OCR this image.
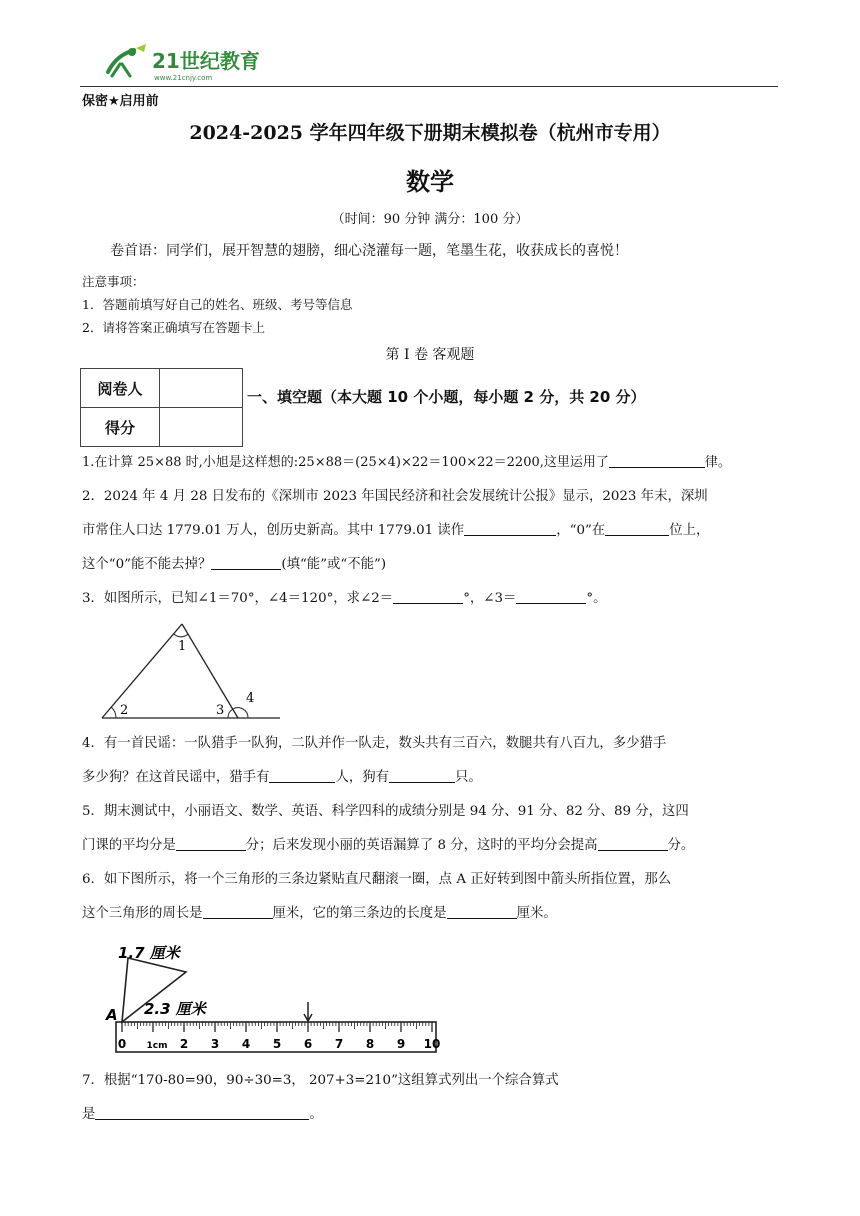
21世纪教育
www.21cnjy.com
保密★启用前
2024-2025 学年四年级下册期末模拟卷（杭州市专用）
数学
（时间：90 分钟 满分：100 分）
卷首语：同学们，展开智慧的翅膀，细心浇灌每一题，笔墨生花，收获成长的喜悦！
注意事项：
1．答题前填写好自己的姓名、班级、考号等信息
2．请将答案正确填写在答题卡上
第 I 卷 客观题
阅卷人	
得分	
一、填空题（本大题 10 个小题，每小题 2 分，共 20 分）
1.在计算 25×88 时,小旭是这样想的:25×88＝(25×4)×22＝100×22＝2200,这里运用了	律。
2．2024 年 4 月 28 日发布的《深圳市 2023 年国民经济和社会发展统计公报》显示，2023 年末，深圳
市常住人口达 1779.01 万人，创历史新高。其中 1779.01 读作	，“0”在	位上，
这个“0”能不能去掉？	(填“能”或“不能”)
3．如图所示，已知∠1＝70°，∠4＝120°，求∠2＝	°，∠3＝	°。
1
2	3
4
4．有一首民谣：一队猎手一队狗，二队并作一队走，数头共有三百六，数腿共有八百九，多少猎手
多少狗？在这首民谣中，猎手有	人，狗有	只。
5．期末测试中，小丽语文、数学、英语、科学四科的成绩分别是 94 分、91 分、82 分、89 分，这四
门课的平均分是	分；后来发现小丽的英语漏算了 8 分，这时的平均分会提高	分。
6．如下图所示，将一个三角形的三条边紧贴直尺翻滚一圈，点 A 正好转到图中箭头所指位置，那么
这个三角形的周长是	厘米，它的第三条边的长度是	厘米。
1.7 厘米
2.3 厘米
A
0 1cm 2 3 4 5 6 7 8 9 10
7．根据“170-80=90，90÷30=3， 207+3=210”这组算式列出一个综合算式
是	。
